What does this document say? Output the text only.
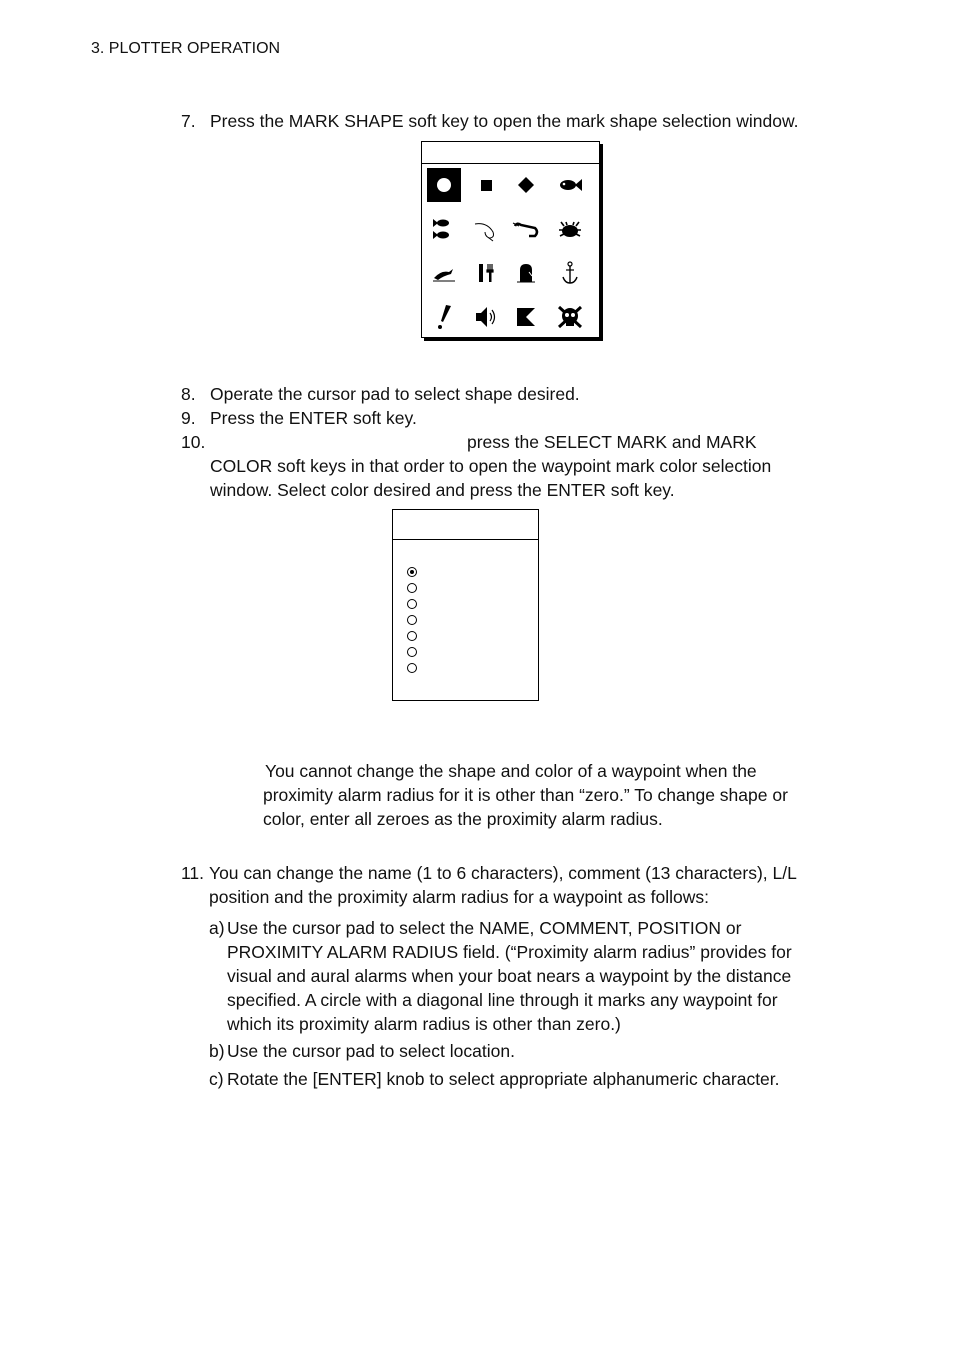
3. PLOTTER OPERATION
7. Press the MARK SHAPE soft key to open the mark shape selection window.
8. Operate the cursor pad to select shape desired.
9. Press the ENTER soft key.
10.	press the SELECT MARK and MARK
COLOR soft keys in that order to open the waypoint mark color selection
window. Select color desired and press the ENTER soft key.
You cannot change the shape and color of a waypoint when the
proximity alarm radius for it is other than “zero.” To change shape or
color, enter all zeroes as the proximity alarm radius.
11. You can change the name (1 to 6 characters), comment (13 characters), L/L
position and the proximity alarm radius for a waypoint as follows:
a) Use the cursor pad to select the NAME, COMMENT, POSITION or
PROXIMITY ALARM RADIUS field. (“Proximity alarm radius” provides for
visual and aural alarms when your boat nears a waypoint by the distance
specified. A circle with a diagonal line through it marks any waypoint for
which its proximity alarm radius is other than zero.)
b) Use the cursor pad to select location.
c) Rotate the [ENTER] knob to select appropriate alphanumeric character.
